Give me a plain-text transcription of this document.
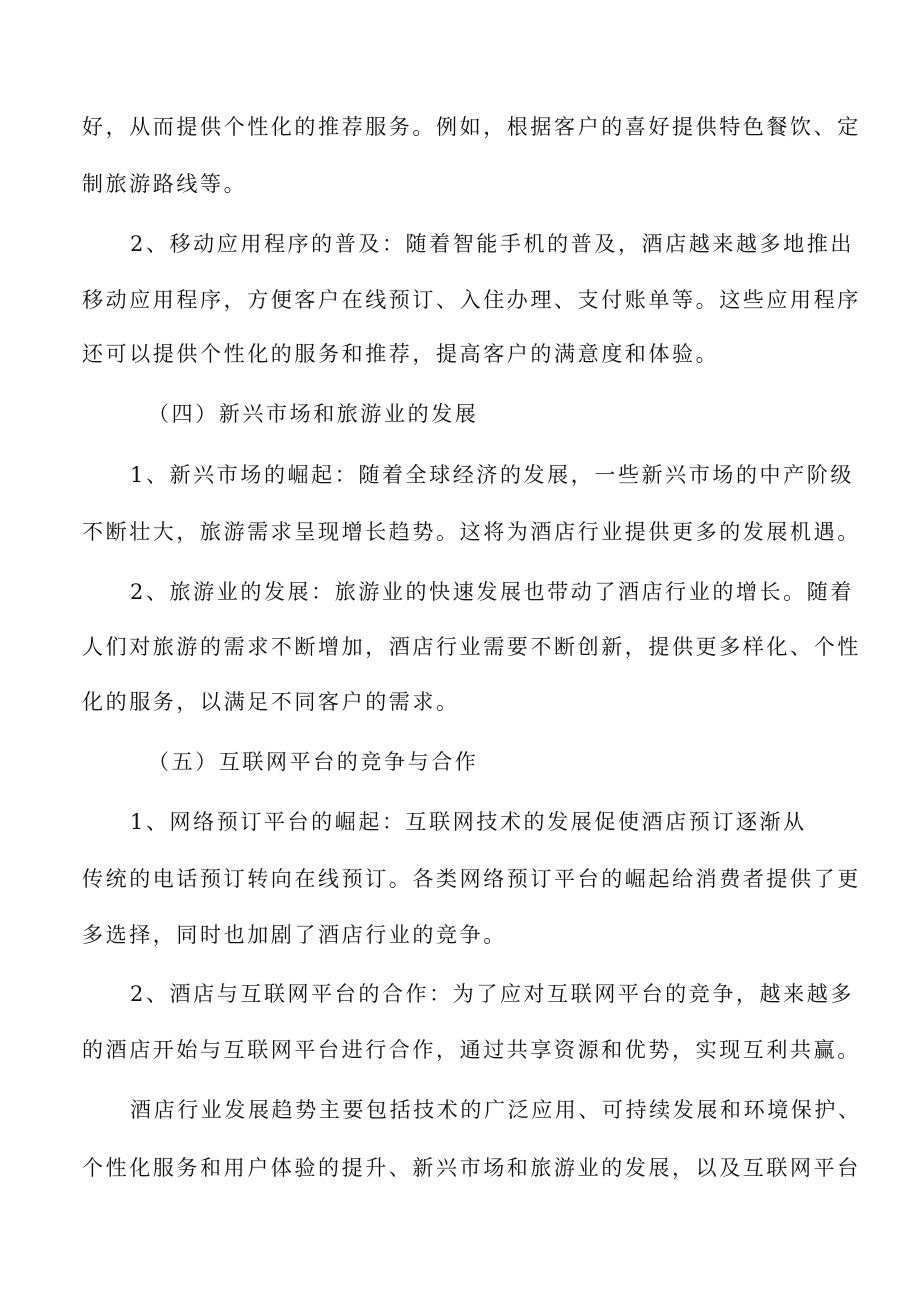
好，从而提供个性化的推荐服务。例如，根据客户的喜好提供特色餐饮、定
制旅游路线等。
2、移动应用程序的普及：随着智能手机的普及，酒店越来越多地推出
移动应用程序，方便客户在线预订、入住办理、支付账单等。这些应用程序
还可以提供个性化的服务和推荐，提高客户的满意度和体验。
（四）新兴市场和旅游业的发展
1、新兴市场的崛起：随着全球经济的发展，一些新兴市场的中产阶级
不断壮大，旅游需求呈现增长趋势。这将为酒店行业提供更多的发展机遇。
2、旅游业的发展：旅游业的快速发展也带动了酒店行业的增长。随着
人们对旅游的需求不断增加，酒店行业需要不断创新，提供更多样化、个性
化的服务，以满足不同客户的需求。
（五）互联网平台的竞争与合作
1、网络预订平台的崛起：互联网技术的发展促使酒店预订逐渐从
传统的电话预订转向在线预订。各类网络预订平台的崛起给消费者提供了更
多选择，同时也加剧了酒店行业的竞争。
2、酒店与互联网平台的合作：为了应对互联网平台的竞争，越来越多
的酒店开始与互联网平台进行合作，通过共享资源和优势，实现互利共赢。
酒店行业发展趋势主要包括技术的广泛应用、可持续发展和环境保护、
个性化服务和用户体验的提升、新兴市场和旅游业的发展，以及互联网平台
